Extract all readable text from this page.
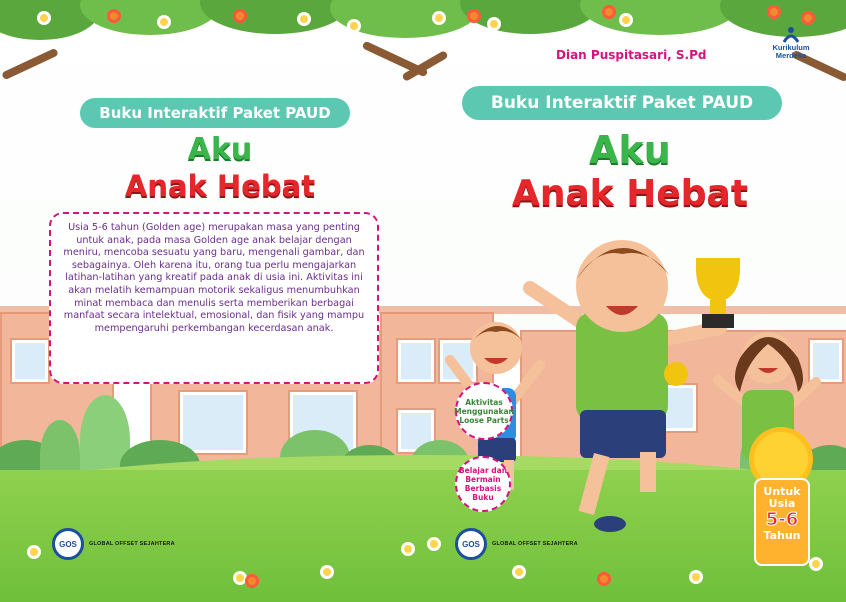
Buku Interaktif Paket PAUD
Aku
Anak Hebat

Usia 5-6 tahun (Golden age) merupakan masa yang penting untuk anak, pada masa Golden age anak belajar dengan meniru, mencoba sesuatu yang baru, mengenali gambar, dan sebagainya. Oleh karena itu, orang tua perlu mengajarkan latihan-latihan yang kreatif pada anak di usia ini. Aktivitas ini akan melatih kemampuan motorik sekaligus menumbuhkan minat membaca dan menulis serta memberikan berbagai manfaat secara intelektual, emosional, dan fisik yang mampu mempengaruhi perkembangan kecerdasan anak.

GOS GLOBAL OFFSET SEJAHTERA
Dian Puspitasari, S.Pd
Kurikulum Merdeka
Buku Interaktif Paket PAUD
Aku
Anak Hebat
Aktivitas Menggunakan Loose Parts
Belajar dan Bermain Berbasis Buku	Untuk
Usia
5-6
Tahun
GOS GLOBAL OFFSET SEJAHTERA
